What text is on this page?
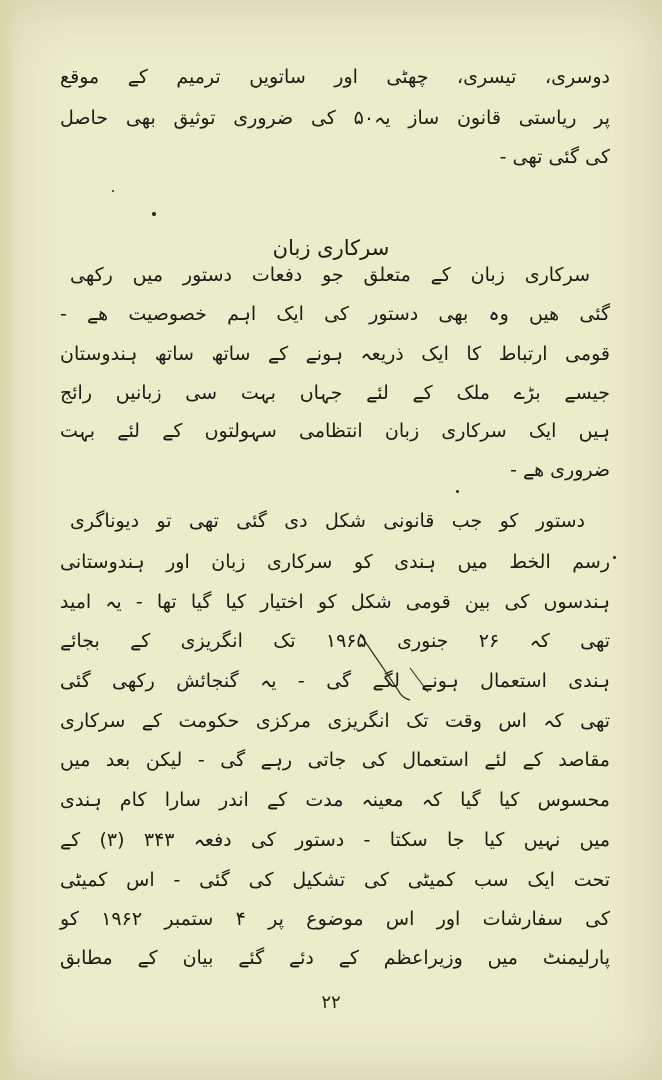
دوسری، تیسری، چھٹی اور ساتویں ترمیم کے موقع
پر ریاستی قانون ساز یہ۵۰ کی ضروری توثیق بھی حاصل
کی گئی تھی -
سرکاری زبان
سرکاری زبان کے متعلق جو دفعات دستور میں رکھی
گئی ھیں وہ بھی دستور کی ایک اہم خصوصیت ھے -
قومی ارتباط کا ایک ذریعہ ہونے کے ساتھ ساتھ ہندوستان
جیسے بڑے ملک کے لئے جہاں بہت سی زبانیں رائج
ہیں ایک سرکاری زبان انتظامی سہولتوں کے لئے بہت
ضروری ھے -
دستور کو جب قانونی شکل دی گئی تھی تو دیوناگری
رسم الخط میں ہندی کو سرکاری زبان اور ہندوستانی
ہندسوں کی بین قومی شکل کو اختیار کیا گیا تھا - یہ امید
تھی کہ ۲۶ جنوری ۱۹۶۵ تک انگریزی کے بجائے
ہندی استعمال ہونے لگے گی - یہ گنجائش رکھی گئی
تھی کہ اس وقت تک انگریزی مرکزی حکومت کے سرکاری
مقاصد کے لئے استعمال کی جاتی رہے گی - لیکن بعد میں
محسوس کیا گیا کہ معینہ مدت کے اندر سارا کام ہندی
میں نہیں کیا جا سکتا - دستور کی دفعہ ۳۴۳ (۳) کے
تحت ایک سب کمیٹی کی تشکیل کی گئی - اس کمیٹی
کی سفارشات اور اس موضوع پر ۴ ستمبر ۱۹۶۲ کو
پارلیمنٹ میں وزیراعظم کے دئے گئے بیان کے مطابق
۲۲
